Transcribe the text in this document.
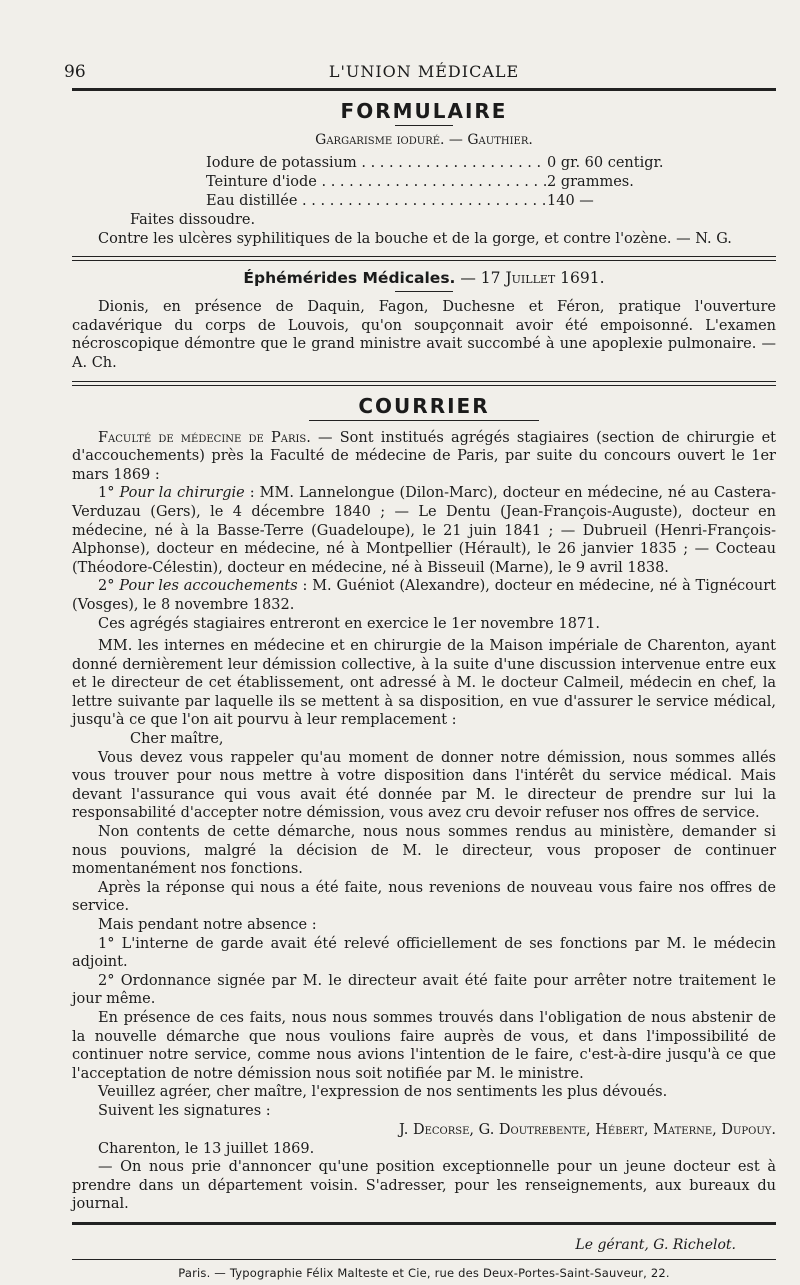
96	L'UNION MÉDICALE
FORMULAIRE
Gargarisme ioduré. — Gauthier.
Iodure de potassium . . .	0 gr. 60 centigr.
Teinture d'iode . . .	2 grammes.
Eau distillée . . .	140 —

Faites dissoudre.

Contre les ulcères syphilitiques de la bouche et de la gorge, et contre l'ozène. — N. G.

Éphémérides Médicales. — 17 Juillet 1691.

Dionis, en présence de Daquin, Fagon, Duchesne et Féron, pratique l'ouverture cadavérique du corps de Louvois, qu'on soupçonnait avoir été empoisonné. L'examen nécroscopique démontre que le grand ministre avait succombé à une apoplexie pulmonaire. — A. Ch.

COURRIER

Faculté de médecine de Paris. — Sont institués agrégés stagiaires (section de chirurgie et d'accouchements) près la Faculté de médecine de Paris, par suite du concours ouvert le 1er mars 1869 :

1° Pour la chirurgie : MM. Lannelongue (Dilon-Marc), docteur en médecine, né au Castera-Verduzau (Gers), le 4 décembre 1840 ; — Le Dentu (Jean-François-Auguste), docteur en médecine, né à la Basse-Terre (Guadeloupe), le 21 juin 1841 ; — Dubrueil (Henri-François-Alphonse), docteur en médecine, né à Montpellier (Hérault), le 26 janvier 1835 ; — Cocteau (Théodore-Célestin), docteur en médecine, né à Bisseuil (Marne), le 9 avril 1838.

2° Pour les accouchements : M. Guéniot (Alexandre), docteur en médecine, né à Tignécourt (Vosges), le 8 novembre 1832.

Ces agrégés stagiaires entreront en exercice le 1er novembre 1871.

MM. les internes en médecine et en chirurgie de la Maison impériale de Charenton, ayant donné dernièrement leur démission collective, à la suite d'une discussion intervenue entre eux et le directeur de cet établissement, ont adressé à M. le docteur Calmeil, médecin en chef, la lettre suivante par laquelle ils se mettent à sa disposition, en vue d'assurer le service médical, jusqu'à ce que l'on ait pourvu à leur remplacement :

Cher maître,

Vous devez vous rappeler qu'au moment de donner notre démission, nous sommes allés vous trouver pour nous mettre à votre disposition dans l'intérêt du service médical. Mais devant l'assurance qui vous avait été donnée par M. le directeur de prendre sur lui la responsabilité d'accepter notre démission, vous avez cru devoir refuser nos offres de service.

Non contents de cette démarche, nous nous sommes rendus au ministère, demander si nous pouvions, malgré la décision de M. le directeur, vous proposer de continuer momentanément nos fonctions.

Après la réponse qui nous a été faite, nous revenions de nouveau vous faire nos offres de service.

Mais pendant notre absence :

1° L'interne de garde avait été relevé officiellement de ses fonctions par M. le médecin adjoint.

2° Ordonnance signée par M. le directeur avait été faite pour arrêter notre traitement le jour même.

En présence de ces faits, nous nous sommes trouvés dans l'obligation de nous abstenir de la nouvelle démarche que nous voulions faire auprès de vous, et dans l'impossibilité de continuer notre service, comme nous avions l'intention de le faire, c'est-à-dire jusqu'à ce que l'acceptation de notre démission nous soit notifiée par M. le ministre.

Veuillez agréer, cher maître, l'expression de nos sentiments les plus dévoués.

Suivent les signatures :

J. Decorse, G. Doutrebente, Hébert, Materne, Dupouy.

Charenton, le 13 juillet 1869.

— On nous prie d'annoncer qu'une position exceptionnelle pour un jeune docteur est à prendre dans un département voisin. S'adresser, pour les renseignements, aux bureaux du journal.

Le gérant, G. Richelot.
Paris. — Typographie Félix Malteste et Cie, rue des Deux-Portes-Saint-Sauveur, 22.
